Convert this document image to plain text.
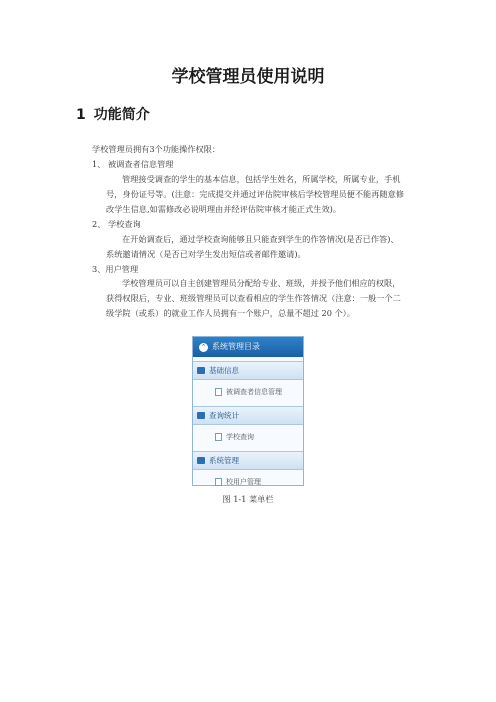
学校管理员使用说明
1 功能简介

学校管理员拥有3个功能操作权限：

1、 被调查者信息管理

管理接受调查的学生的基本信息，包括学生姓名，所属学校，所属专业，手机

号，身份证号等。(注意：完成提交并通过评估院审核后学校管理员便不能再随意修

改学生信息,如需修改必说明理由并经评估院审核才能正式生效)。

2、 学校查询

在开始调查后，通过学校查询能够且只能查到学生的作答情况(是否已作答)、

系统邀请情况（是否已对学生发出短信或者邮件邀请)。

3、用户管理

学校管理员可以自主创建管理员分配给专业、班级，并授予他们相应的权限，

获得权限后，专业、班级管理员可以查看相应的学生作答情况（注意：一般一个二

级学院（或系）的就业工作人员拥有一个账户，总量不超过 20 个）。

⌃ 系统管理目录
基础信息
被调查者信息管理
查询统计
学校查询
系统管理
校用户管理

图 1-1 菜单栏
